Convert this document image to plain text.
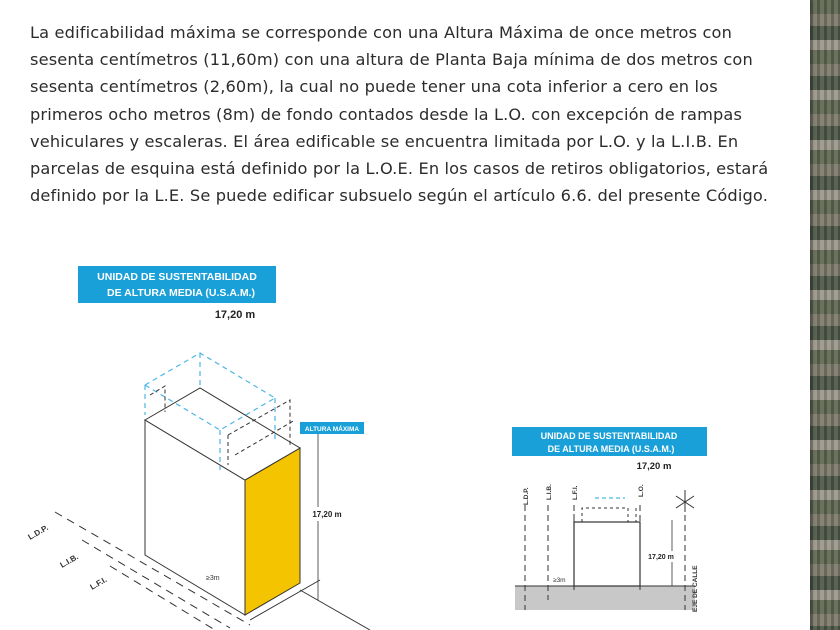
La edificabilidad máxima se corresponde con una Altura Máxima de once metros con sesenta centímetros (11,60m) con una altura de Planta Baja mínima de dos metros con sesenta centímetros (2,60m), la cual no puede tener una cota inferior a cero en los primeros ocho metros (8m) de fondo contados desde la L.O. con excepción de rampas vehiculares y escaleras. El área edificable se encuentra limitada por L.O. y la L.I.B. En parcelas de esquina está definido por la L.O.E. En los casos de retiros obligatorios, estará definido por la L.E. Se puede edificar subsuelo según el artículo 6.6. del presente Código.

UNIDAD DE SUSTENTABILIDAD
DE ALTURA MEDIA (U.S.A.M.)
17,20 m
L.D.P.
L.I.B.
L.F.I.
ALTURA MÁXIMA
17,20 m
≥3m
UNIDAD DE SUSTENTABILIDAD
DE ALTURA MEDIA (U.S.A.M.)
17,20 m
L.D.P. L.I.B.	L.F.I.	L.O.
EJE DE CALLE
17,20 m
≥3m
